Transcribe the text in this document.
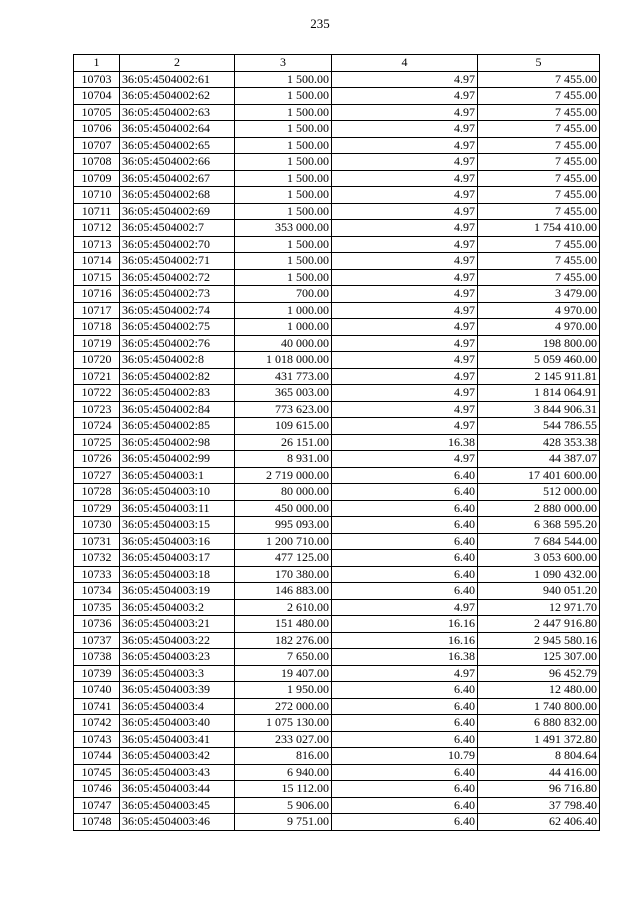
235
1	2	3	4	5
10703	36:05:4504002:61	1 500.00	4.97	7 455.00
10704	36:05:4504002:62	1 500.00	4.97	7 455.00
10705	36:05:4504002:63	1 500.00	4.97	7 455.00
10706	36:05:4504002:64	1 500.00	4.97	7 455.00
10707	36:05:4504002:65	1 500.00	4.97	7 455.00
10708	36:05:4504002:66	1 500.00	4.97	7 455.00
10709	36:05:4504002:67	1 500.00	4.97	7 455.00
10710	36:05:4504002:68	1 500.00	4.97	7 455.00
10711	36:05:4504002:69	1 500.00	4.97	7 455.00
10712	36:05:4504002:7	353 000.00	4.97	1 754 410.00
10713	36:05:4504002:70	1 500.00	4.97	7 455.00
10714	36:05:4504002:71	1 500.00	4.97	7 455.00
10715	36:05:4504002:72	1 500.00	4.97	7 455.00
10716	36:05:4504002:73	700.00	4.97	3 479.00
10717	36:05:4504002:74	1 000.00	4.97	4 970.00
10718	36:05:4504002:75	1 000.00	4.97	4 970.00
10719	36:05:4504002:76	40 000.00	4.97	198 800.00
10720	36:05:4504002:8	1 018 000.00	4.97	5 059 460.00
10721	36:05:4504002:82	431 773.00	4.97	2 145 911.81
10722	36:05:4504002:83	365 003.00	4.97	1 814 064.91
10723	36:05:4504002:84	773 623.00	4.97	3 844 906.31
10724	36:05:4504002:85	109 615.00	4.97	544 786.55
10725	36:05:4504002:98	26 151.00	16.38	428 353.38
10726	36:05:4504002:99	8 931.00	4.97	44 387.07
10727	36:05:4504003:1	2 719 000.00	6.40	17 401 600.00
10728	36:05:4504003:10	80 000.00	6.40	512 000.00
10729	36:05:4504003:11	450 000.00	6.40	2 880 000.00
10730	36:05:4504003:15	995 093.00	6.40	6 368 595.20
10731	36:05:4504003:16	1 200 710.00	6.40	7 684 544.00
10732	36:05:4504003:17	477 125.00	6.40	3 053 600.00
10733	36:05:4504003:18	170 380.00	6.40	1 090 432.00
10734	36:05:4504003:19	146 883.00	6.40	940 051.20
10735	36:05:4504003:2	2 610.00	4.97	12 971.70
10736	36:05:4504003:21	151 480.00	16.16	2 447 916.80
10737	36:05:4504003:22	182 276.00	16.16	2 945 580.16
10738	36:05:4504003:23	7 650.00	16.38	125 307.00
10739	36:05:4504003:3	19 407.00	4.97	96 452.79
10740	36:05:4504003:39	1 950.00	6.40	12 480.00
10741	36:05:4504003:4	272 000.00	6.40	1 740 800.00
10742	36:05:4504003:40	1 075 130.00	6.40	6 880 832.00
10743	36:05:4504003:41	233 027.00	6.40	1 491 372.80
10744	36:05:4504003:42	816.00	10.79	8 804.64
10745	36:05:4504003:43	6 940.00	6.40	44 416.00
10746	36:05:4504003:44	15 112.00	6.40	96 716.80
10747	36:05:4504003:45	5 906.00	6.40	37 798.40
10748	36:05:4504003:46	9 751.00	6.40	62 406.40
